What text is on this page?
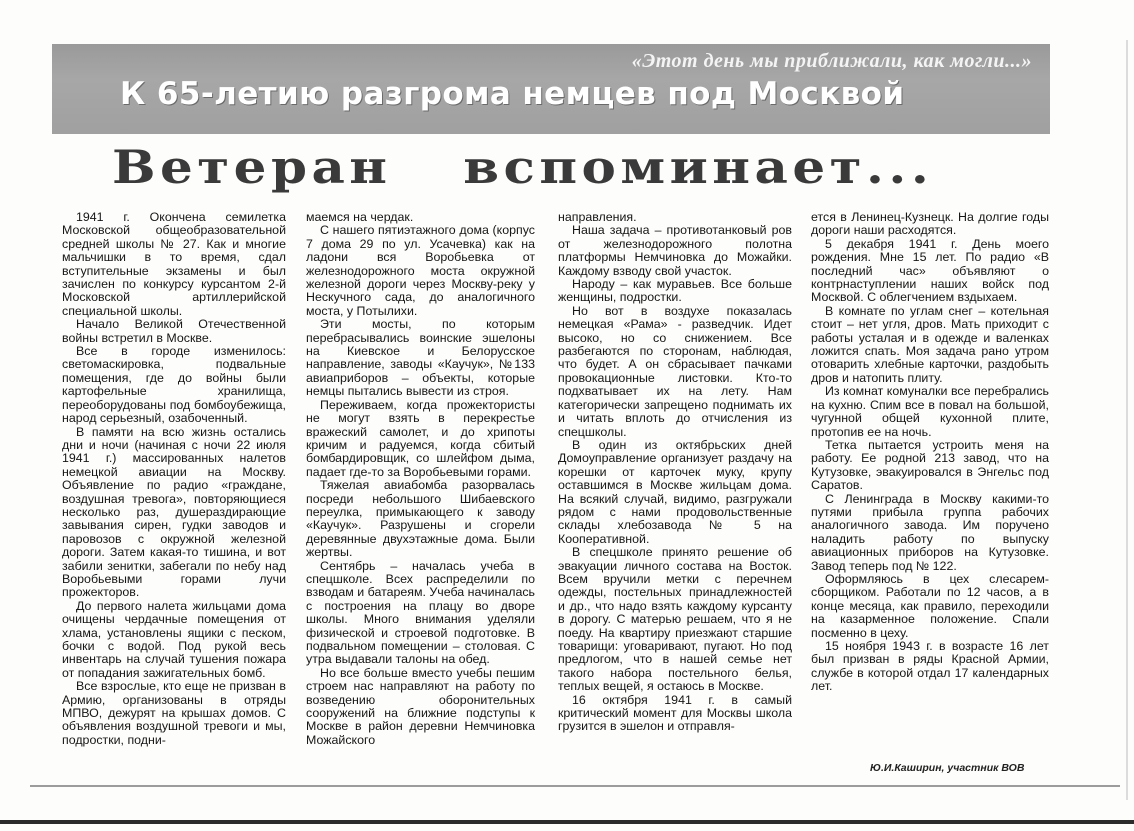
«Этот день мы приближали, как могли...»
К 65-летию разгрома немцев под Москвой
Ветеран вспоминает...

1941 г. Окончена семилетка Московской общеобразовательной средней школы № 27. Как и многие мальчишки в то время, сдал вступительные экзамены и был зачислен по конкурсу курсантом 2-й Московской артиллерийской специальной школы.

Начало Великой Отечественной войны встретил в Москве.

Все в городе изменилось: светомаскировка, подвальные помещения, где до войны были картофельные хранилища, переоборудованы под бомбоубежища, народ серьезный, озабоченный.

В памяти на всю жизнь остались дни и ночи (начиная с ночи 22 июля 1941 г.) массированных налетов немецкой авиации на Москву. Объявление по радио «граждане, воздушная тревога», повторяющиеся несколько раз, душераздирающие завывания сирен, гудки заводов и паровозов с окружной железной дороги. Затем какая-то тишина, и вот забили зенитки, забегали по небу над Воробьевыми горами лучи прожекторов.

До первого налета жильцами дома очищены чердачные помещения от хлама, установлены ящики с песком, бочки с водой. Под рукой весь инвентарь на случай тушения пожара от попадания зажигательных бомб.

Все взрослые, кто еще не призван в Армию, организованы в отряды МПВО, дежурят на крышах домов. С объявления воздушной тревоги и мы, подростки, подни-

маемся на чердак.

С нашего пятиэтажного дома (корпус 7 дома 29 по ул. Усачевка) как на ладони вся Воробьевка от железнодорожного моста окружной железной дороги через Москву-реку у Нескучного сада, до аналогичного моста, у Потылихи.

Эти мосты, по которым перебрасывались воинские эшелоны на Киевское и Белорусское направление, заводы «Каучук», №133 авиаприборов – объекты, которые немцы пытались вывести из строя.

Переживаем, когда прожектористы не могут взять в перекрестье вражеский самолет, и до хрипоты кричим и радуемся, когда сбитый бомбардировщик, со шлейфом дыма, падает где-то за Воробьевыми горами.

Тяжелая авиабомба разорвалась посреди небольшого Шибаевского переулка, примыкающего к заводу «Каучук». Разрушены и сгорели деревянные двухэтажные дома. Были жертвы.

Сентябрь – началась учеба в спецшколе. Всех распределили по взводам и батареям. Учеба начиналась с построения на плацу во дворе школы. Много внимания уделяли физической и строевой подготовке. В подвальном помещении – столовая. С утра выдавали талоны на обед.

Но все больше вместо учебы пешим строем нас направляют на работу по возведению оборонительных сооружений на ближние подступы к Москве в район деревни Немчиновка Можайского

направления.

Наша задача – противотанковый ров от железнодорожного полотна платформы Немчиновка до Можайки. Каждому взводу свой участок.

Народу – как муравьев. Все больше женщины, подростки.

Но вот в воздухе показалась немецкая «Рама» - разведчик. Идет высоко, но со снижением. Все разбегаются по сторонам, наблюдая, что будет. А он сбрасывает пачками провокационные листовки. Кто-то подхватывает их на лету. Нам категорически запрещено поднимать их и читать вплоть до отчисления из спецшколы.

В один из октябрьских дней Домоуправление организует раздачу на корешки от карточек муку, крупу оставшимся в Москве жильцам дома. На всякий случай, видимо, разгружали рядом с нами продовольственные склады хлебозавода № 5 на Кооперативной.

В спецшколе принято решение об эвакуации личного состава на Восток. Всем вручили метки с перечнем одежды, постельных принадлежностей и др., что надо взять каждому курсанту в дорогу. С матерью решаем, что я не поеду. На квартиру приезжают старшие товарищи: уговаривают, пугают. Но под предлогом, что в нашей семье нет такого набора постельного белья, теплых вещей, я остаюсь в Москве.

16 октября 1941 г. в самый критический момент для Москвы школа грузится в эшелон и отправля-

ется в Ленинец-Кузнецк. На долгие годы дороги наши расходятся.

5 декабря 1941 г. День моего рождения. Мне 15 лет. По радио «В последний час» объявляют о контрнаступлении наших войск под Москвой. С облегчением вздыхаем.

В комнате по углам снег – котельная стоит – нет угля, дров. Мать приходит с работы усталая и в одежде и валенках ложится спать. Моя задача рано утром отоварить хлебные карточки, раздобыть дров и натопить плиту.

Из комнат комуналки все перебрались на кухню. Спим все в повал на большой, чугунной общей кухонной плите, протопив ее на ночь.

Тетка пытается устроить меня на работу. Ее родной 213 завод, что на Кутузовке, эвакуировался в Энгельс под Саратов.

С Ленинграда в Москву какими-то путями прибыла группа рабочих аналогичного завода. Им поручено наладить работу по выпуску авиационных приборов на Кутузовке. Завод теперь под № 122.

Оформляюсь в цех слесарем-сборщиком. Работали по 12 часов, а в конце месяца, как правило, переходили на казарменное положение. Спали посменно в цеху.

15 ноября 1943 г. в возрасте 16 лет был призван в ряды Красной Армии, службе в которой отдал 17 календарных лет.

Ю.И.Каширин, участник ВОВ
